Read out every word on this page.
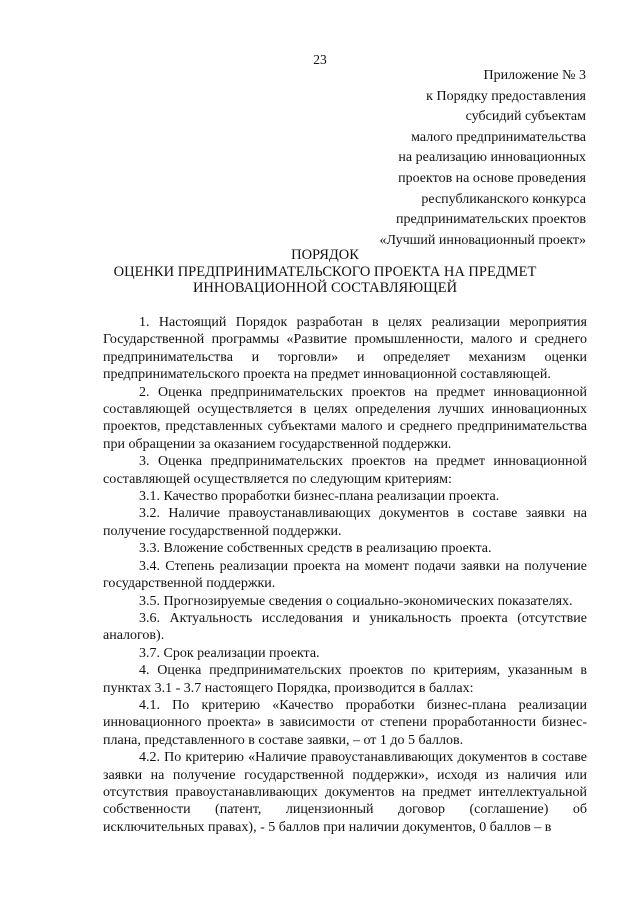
23
Приложение № 3
к Порядку предоставления
субсидий субъектам
малого предпринимательства
на реализацию инновационных
проектов на основе проведения
республиканского конкурса
предпринимательских проектов
«Лучший инновационный проект»
ПОРЯДОК
ОЦЕНКИ ПРЕДПРИНИМАТЕЛЬСКОГО ПРОЕКТА НА ПРЕДМЕТ
ИННОВАЦИОННОЙ СОСТАВЛЯЮЩЕЙ

1. Настоящий Порядок разработан в целях реализации мероприятия Государственной программы «Развитие промышленности, малого и среднего предпринимательства и торговли» и определяет механизм оценки предпринимательского проекта на предмет инновационной составляющей.

2. Оценка предпринимательских проектов на предмет инновационной составляющей осуществляется в целях определения лучших инновационных проектов, представленных субъектами малого и среднего предпринимательства при обращении за оказанием государственной поддержки.

3. Оценка предпринимательских проектов на предмет инновационной составляющей осуществляется по следующим критериям:

3.1. Качество проработки бизнес-плана реализации проекта.

3.2. Наличие правоустанавливающих документов в составе заявки на получение государственной поддержки.

3.3. Вложение собственных средств в реализацию проекта.

3.4. Степень реализации проекта на момент подачи заявки на получение государственной поддержки.

3.5. Прогнозируемые сведения о социально-экономических показателях.

3.6. Актуальность исследования и уникальность проекта (отсутствие аналогов).

3.7. Срок реализации проекта.

4. Оценка предпринимательских проектов по критериям, указанным в пунктах 3.1 - 3.7 настоящего Порядка, производится в баллах:

4.1. По критерию «Качество проработки бизнес-плана реализации инновационного проекта» в зависимости от степени проработанности бизнес-плана, представленного в составе заявки, – от 1 до 5 баллов.

4.2. По критерию «Наличие правоустанавливающих документов в составе заявки на получение государственной поддержки», исходя из наличия или отсутствия правоустанавливающих документов на предмет интеллектуальной собственности (патент, лицензионный договор (соглашение) об исключительных правах), - 5 баллов при наличии документов, 0 баллов – в
